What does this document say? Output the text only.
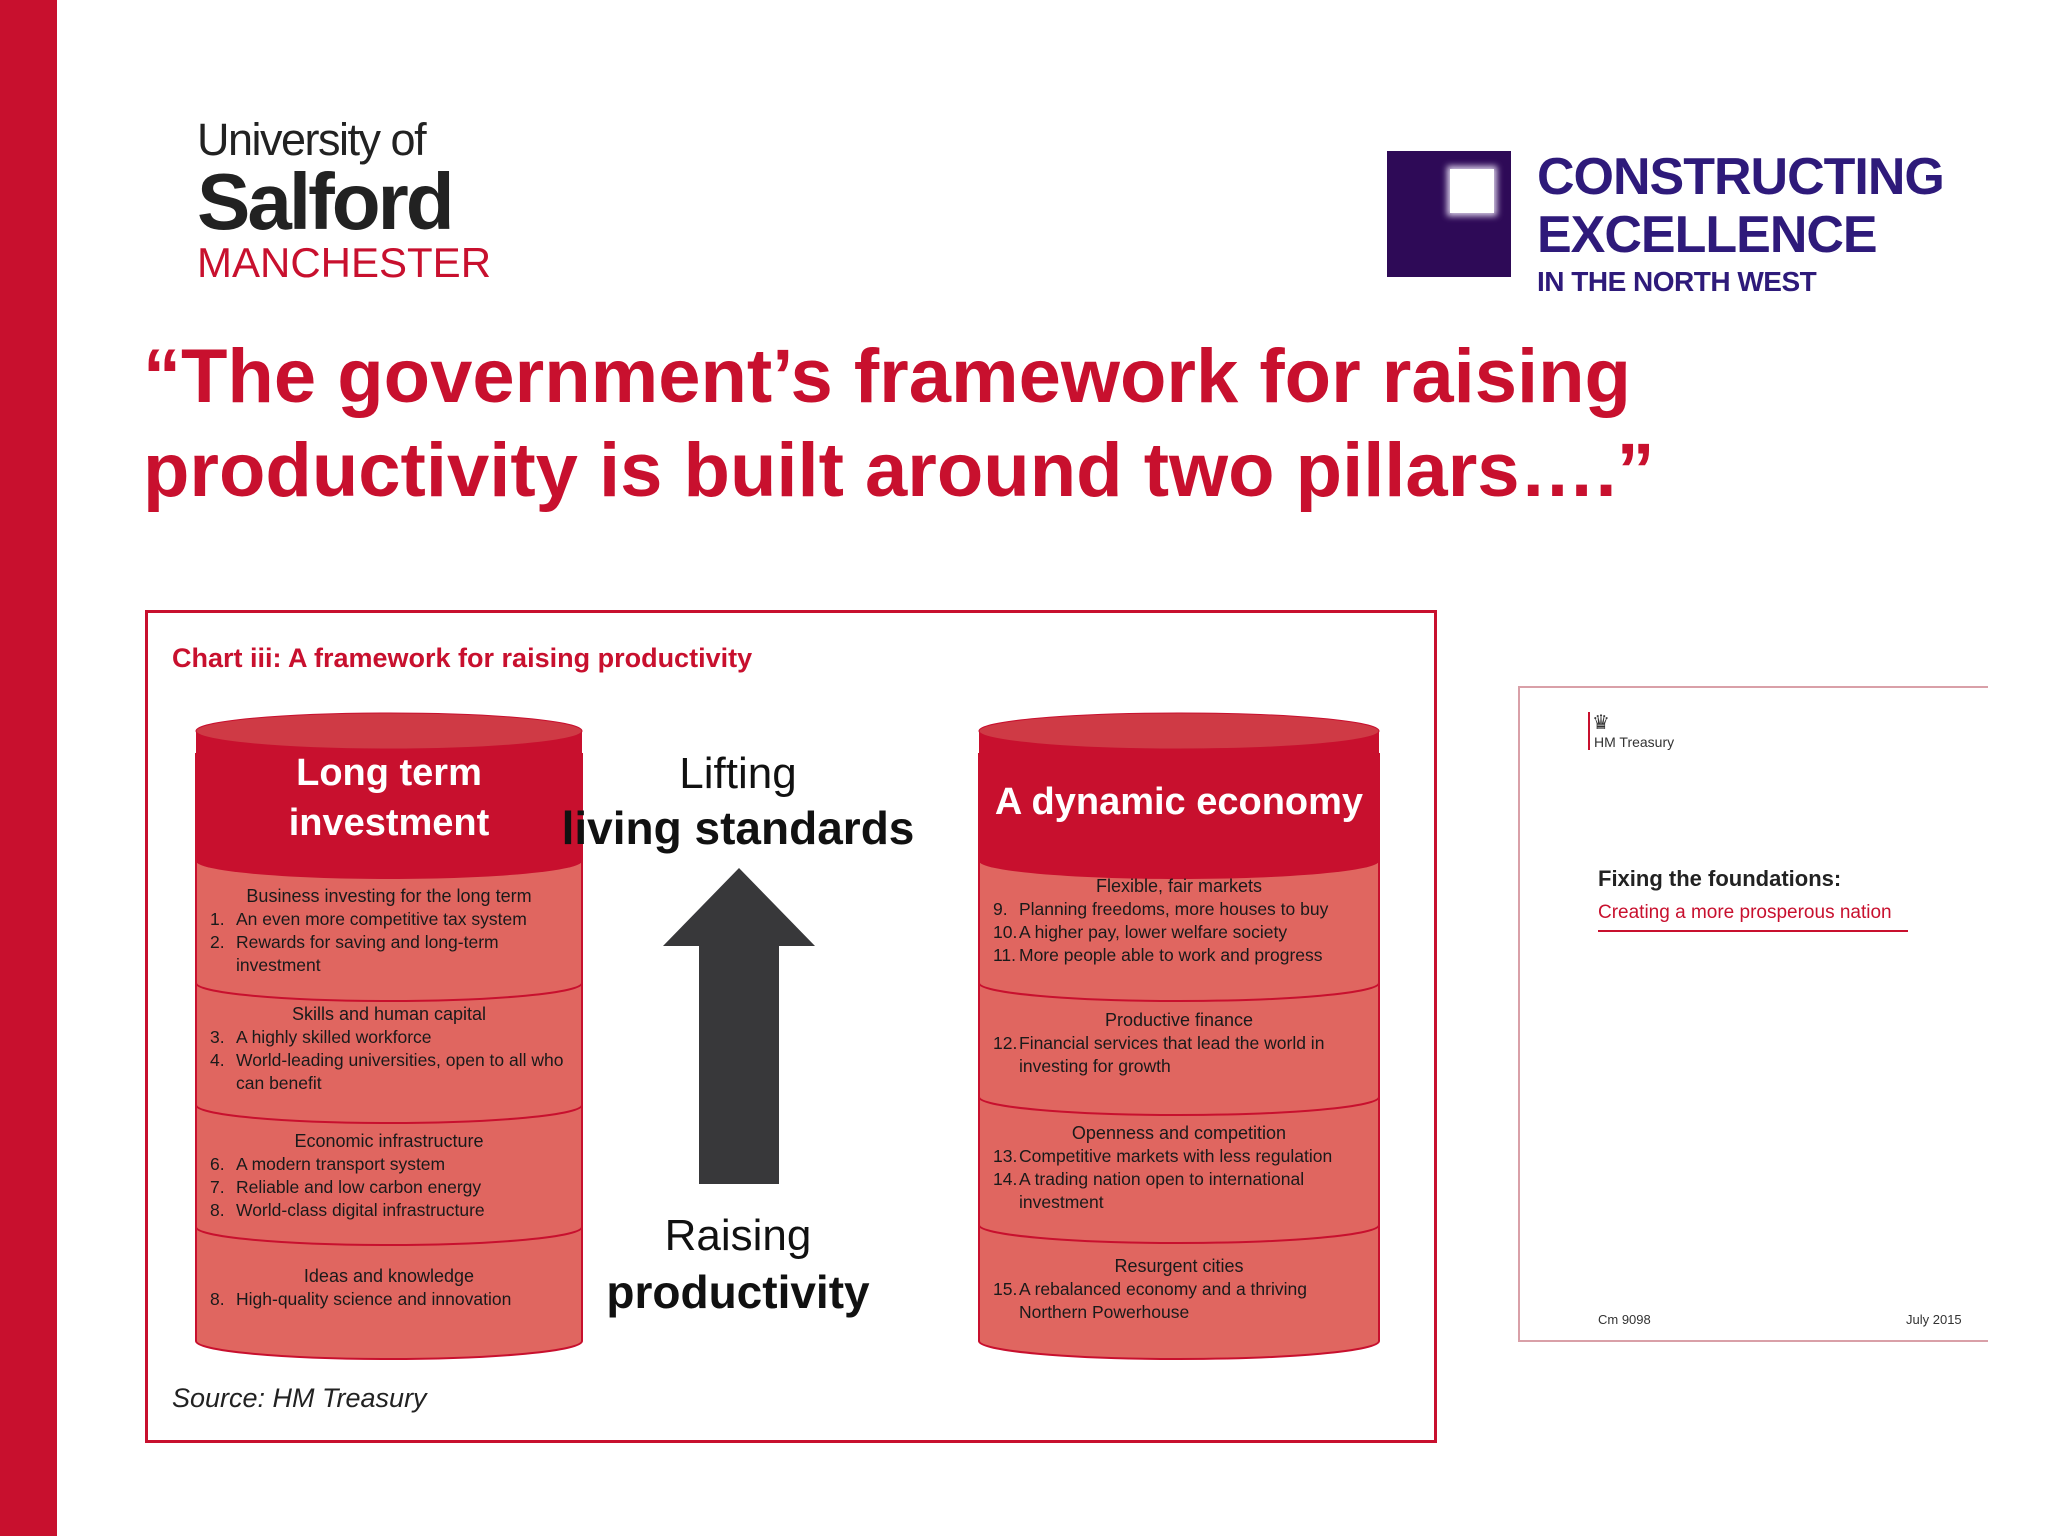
University of
Salford
MANCHESTER
CONSTRUCTING
EXCELLENCE
IN THE NORTH WEST
“The government’s framework for raising productivity is built around two pillars….”
Chart iii: A framework for raising productivity
Lifting
living standards
Raising
productivity
Long term investment
Business investing for the long term
1. An even more competitive tax system
2. Rewards for saving and long-term investment
Skills and human capital
3. A highly skilled workforce
4. World-leading universities, open to all who can benefit
Economic infrastructure
6. A modern transport system
7. Reliable and low carbon energy
8. World-class digital infrastructure
Ideas and knowledge
8. High-quality science and innovation
A dynamic economy
Flexible, fair markets
9. Planning freedoms, more houses to buy
10. A higher pay, lower welfare society
11. More people able to work and progress
Productive finance
12. Financial services that lead the world in investing for growth
Openness and competition
13. Competitive markets with less regulation
14. A trading nation open to international investment
Resurgent cities
15. A rebalanced economy and a thriving Northern Powerhouse
Source: HM Treasury
♛
HM Treasury
Fixing the foundations:
Creating a more prosperous nation
Cm 9098	July 2015
